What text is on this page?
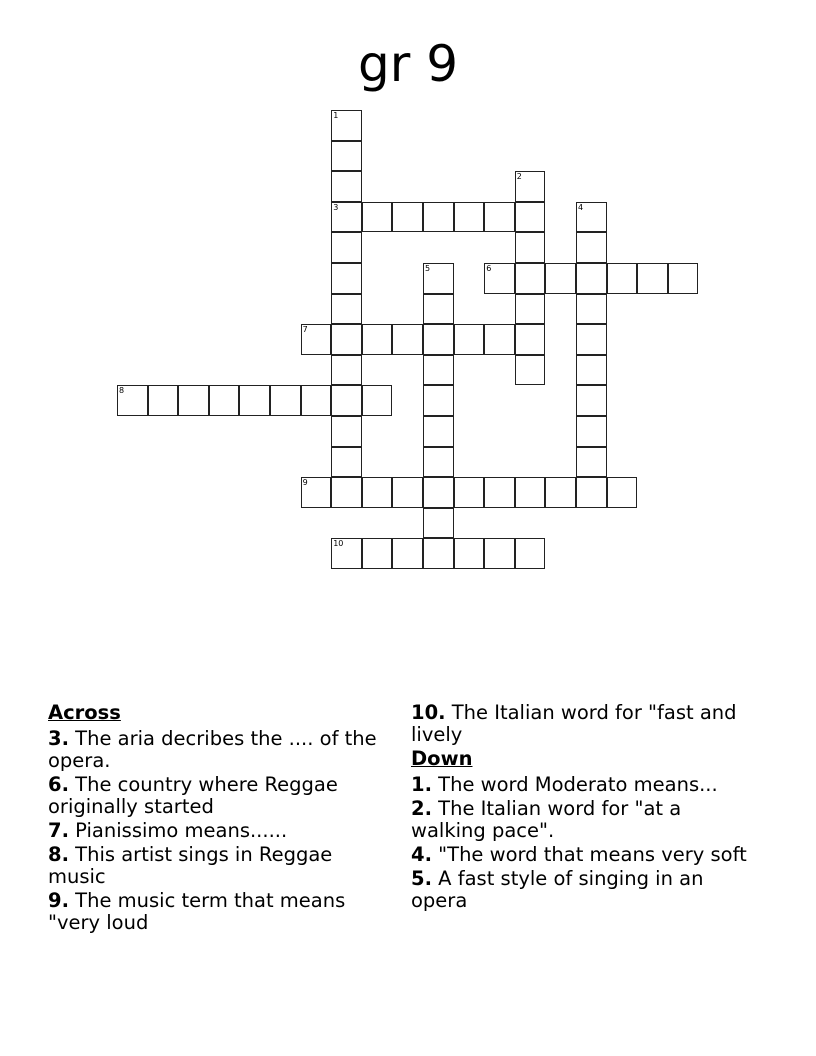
gr 9
1
3
2
4
5	6
7
8
9
10
Across
3. The aria decribes the .... of the opera.
6. The country where Reggae originally started
7. Pianissimo means......
8. This artist sings in Reggae music
9. The music term that means "very loud
10. The Italian word for "fast and lively
Down
1. The word Moderato means...
2. The Italian word for "at a walking pace".
4. "The word that means very soft
5. A fast style of singing in an opera
